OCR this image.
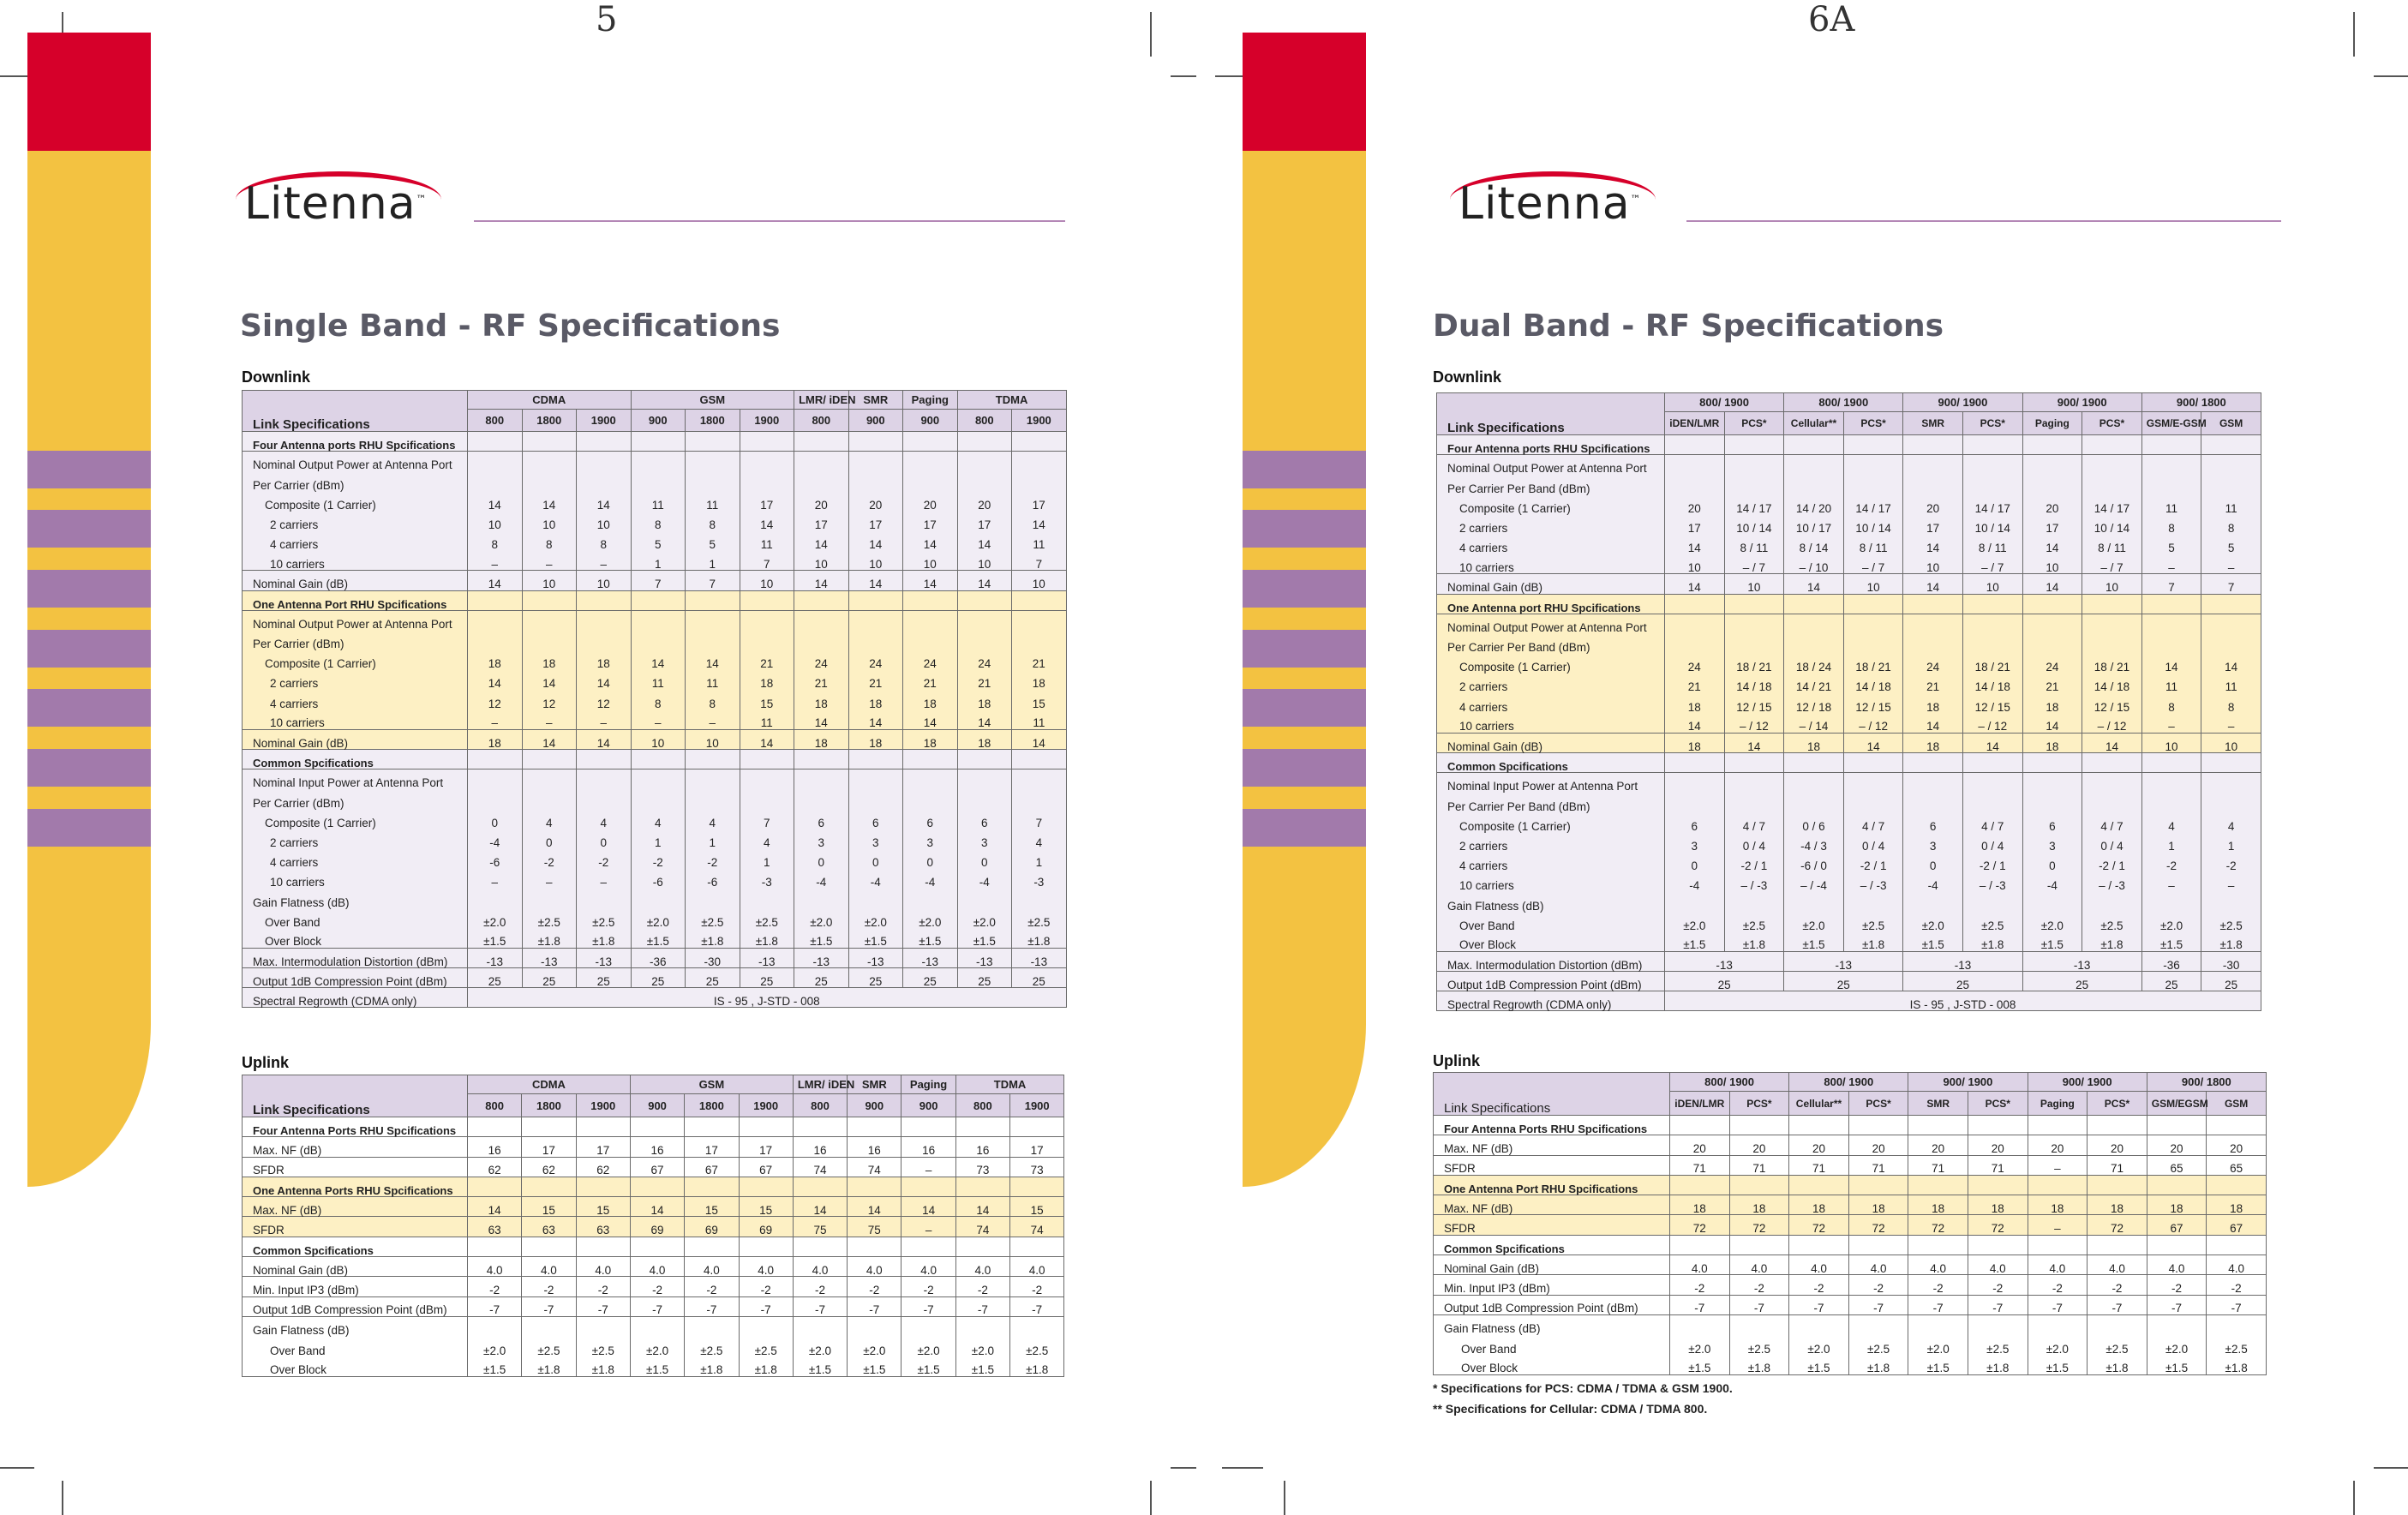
5
Litenna™
Single Band - RF Specifications
Downlink
Link Specifications	CDMA			GSM			LMR/ iDEN	SMR	Paging	TDMA	
	800	1800	1900	900	1800	1900	800	900	900	800	1900
Four Antenna ports RHU Spcifications											
Nominal Output Power at Antenna Port											
Per Carrier (dBm)											
Composite (1 Carrier)	14	14	14	11	11	17	20	20	20	20	17
2 carriers	10	10	10	8	8	14	17	17	17	17	14
4 carriers	8	8	8	5	5	11	14	14	14	14	11
10 carriers	–	–	–	1	1	7	10	10	10	10	7
Nominal Gain (dB)	14	10	10	7	7	10	14	14	14	14	10
One Antenna Port RHU Spcifications											
Nominal Output Power at Antenna Port											
Per Carrier (dBm)											
Composite (1 Carrier)	18	18	18	14	14	21	24	24	24	24	21
2 carriers	14	14	14	11	11	18	21	21	21	21	18
4 carriers	12	12	12	8	8	15	18	18	18	18	15
10 carriers	–	–	–	–	–	11	14	14	14	14	11
Nominal Gain (dB)	18	14	14	10	10	14	18	18	18	18	14
Common Spcifications											
Nominal Input Power at Antenna Port											
Per Carrier (dBm)											
Composite (1 Carrier)	0	4	4	4	4	7	6	6	6	6	7
2 carriers	-4	0	0	1	1	4	3	3	3	3	4
4 carriers	-6	-2	-2	-2	-2	1	0	0	0	0	1
10 carriers	–	–	–	-6	-6	-3	-4	-4	-4	-4	-3
Gain Flatness (dB)											
Over Band	±2.0	±2.5	±2.5	±2.0	±2.5	±2.5	±2.0	±2.0	±2.0	±2.0	±2.5
Over Block	±1.5	±1.8	±1.8	±1.5	±1.8	±1.8	±1.5	±1.5	±1.5	±1.5	±1.8
Max. Intermodulation Distortion (dBm)	-13	-13	-13	-36	-30	-13	-13	-13	-13	-13	-13
Output 1dB Compression Point (dBm)	25	25	25	25	25	25	25	25	25	25	25
Spectral Regrowth (CDMA only)	IS - 95 , J-STD - 008										
Uplink
Link Specifications	CDMA			GSM			LMR/ iDEN	SMR	Paging	TDMA	
	800	1800	1900	900	1800	1900	800	900	900	800	1900
Four Antenna Ports RHU Spcifications											
Max. NF (dB)	16	17	17	16	17	17	16	16	16	16	17
SFDR	62	62	62	67	67	67	74	74	–	73	73
One Antenna Ports RHU Spcifications											
Max. NF (dB)	14	15	15	14	15	15	14	14	14	14	15
SFDR	63	63	63	69	69	69	75	75	–	74	74
Common Spcifications											
Nominal Gain (dB)	4.0	4.0	4.0	4.0	4.0	4.0	4.0	4.0	4.0	4.0	4.0
Min. Input IP3 (dBm)	-2	-2	-2	-2	-2	-2	-2	-2	-2	-2	-2
Output 1dB Compression Point (dBm)	-7	-7	-7	-7	-7	-7	-7	-7	-7	-7	-7
Gain Flatness (dB)											
Over Band	±2.0	±2.5	±2.5	±2.0	±2.5	±2.5	±2.0	±2.0	±2.0	±2.0	±2.5
Over Block	±1.5	±1.8	±1.8	±1.5	±1.8	±1.8	±1.5	±1.5	±1.5	±1.5	±1.8
6A
Litenna™
Dual Band - RF Specifications
Downlink
Link Specifications	800/ 1900		800/ 1900		900/ 1900		900/ 1900		900/ 1800	
	iDEN/LMR	PCS*	Cellular**	PCS*	SMR	PCS*	Paging	PCS*	GSM/E-GSM	GSM
Four Antenna ports RHU Spcifications										
Nominal Output Power at Antenna Port										
Per Carrier Per Band (dBm)										
Composite (1 Carrier)	20	14 / 17	14 / 20	14 / 17	20	14 / 17	20	14 / 17	11	11
2 carriers	17	10 / 14	10 / 17	10 / 14	17	10 / 14	17	10 / 14	8	8
4 carriers	14	8 / 11	8 / 14	8 / 11	14	8 / 11	14	8 / 11	5	5
10 carriers	10	– / 7	– / 10	– / 7	10	– / 7	10	– / 7	–	–
Nominal Gain (dB)	14	10	14	10	14	10	14	10	7	7
One Antenna port RHU Spcifications										
Nominal Output Power at Antenna Port										
Per Carrier Per Band (dBm)										
Composite (1 Carrier)	24	18 / 21	18 / 24	18 / 21	24	18 / 21	24	18 / 21	14	14
2 carriers	21	14 / 18	14 / 21	14 / 18	21	14 / 18	21	14 / 18	11	11
4 carriers	18	12 / 15	12 / 18	12 / 15	18	12 / 15	18	12 / 15	8	8
10 carriers	14	– / 12	– / 14	– / 12	14	– / 12	14	– / 12	–	–
Nominal Gain (dB)	18	14	18	14	18	14	18	14	10	10
Common Spcifications										
Nominal Input Power at Antenna Port										
Per Carrier Per Band (dBm)										
Composite (1 Carrier)	6	4 / 7	0 / 6	4 / 7	6	4 / 7	6	4 / 7	4	4
2 carriers	3	0 / 4	-4 / 3	0 / 4	3	0 / 4	3	0 / 4	1	1
4 carriers	0	-2 / 1	-6 / 0	-2 / 1	0	-2 / 1	0	-2 / 1	-2	-2
10 carriers	-4	– / -3	– / -4	– / -3	-4	– / -3	-4	– / -3	–	–
Gain Flatness (dB)										
Over Band	±2.0	±2.5	±2.0	±2.5	±2.0	±2.5	±2.0	±2.5	±2.0	±2.5
Over Block	±1.5	±1.8	±1.5	±1.8	±1.5	±1.8	±1.5	±1.8	±1.5	±1.8
Max. Intermodulation Distortion (dBm)	-13		-13		-13		-13		-36	-30
Output 1dB Compression Point (dBm)	25		25		25		25		25	25
Spectral Regrowth (CDMA only)	IS - 95 , J-STD - 008									
Uplink
Link Specifications	800/ 1900		800/ 1900		900/ 1900		900/ 1900		900/ 1800	
	iDEN/LMR	PCS*	Cellular**	PCS*	SMR	PCS*	Paging	PCS*	GSM/EGSM	GSM
Four Antenna Ports RHU Spcifications										
Max. NF (dB)	20	20	20	20	20	20	20	20	20	20
SFDR	71	71	71	71	71	71	–	71	65	65
One Antenna Port RHU Spcifications										
Max. NF (dB)	18	18	18	18	18	18	18	18	18	18
SFDR	72	72	72	72	72	72	–	72	67	67
Common Spcifications										
Nominal Gain (dB)	4.0	4.0	4.0	4.0	4.0	4.0	4.0	4.0	4.0	4.0
Min. Input IP3 (dBm)	-2	-2	-2	-2	-2	-2	-2	-2	-2	-2
Output 1dB Compression Point (dBm)	-7	-7	-7	-7	-7	-7	-7	-7	-7	-7
Gain Flatness (dB)										
Over Band	±2.0	±2.5	±2.0	±2.5	±2.0	±2.5	±2.0	±2.5	±2.0	±2.5
Over Block	±1.5	±1.8	±1.5	±1.8	±1.5	±1.8	±1.5	±1.8	±1.5	±1.8
* Specifications for PCS: CDMA / TDMA & GSM 1900.
** Specifications for Cellular: CDMA / TDMA 800.
